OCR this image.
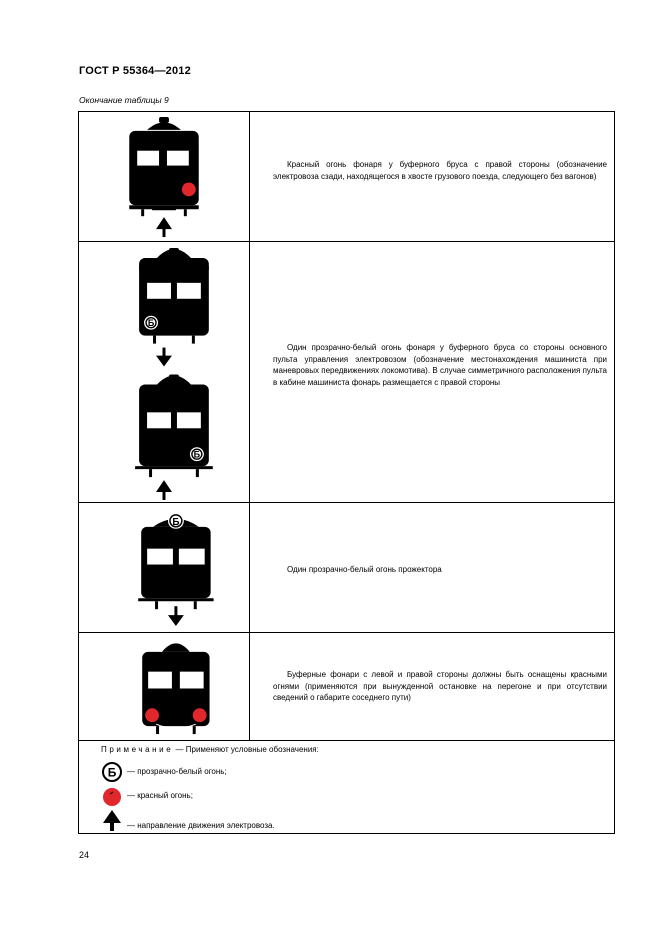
ГОСТ Р 55364—2012
Окончание таблицы 9
Красный огонь фонаря у буферного бруса с правой стороны (обозначение электровоза сзади, находящегося в хвосте грузового поезда, следующего без вагонов)
Б
Б
Один прозрачно-белый огонь фонаря у буферного бруса со стороны основного пульта управления электровозом (обозначение местонахождения машиниста при маневровых передвижениях локомотива). В случае симметричного расположения пульта в кабине машиниста фонарь размещается с правой стороны
Б
Один прозрачно-белый огонь прожектора
Буферные фонари с левой и правой стороны должны быть оснащены красными огнями (применяются при вынужденной остановке на перегоне и при отсутствии сведений о габарите соседнего пути)
Примечание — Применяют условные обозначения:
Б — прозрачно-белый огонь;
— красный огонь;
— направление движения электровоза.
24
